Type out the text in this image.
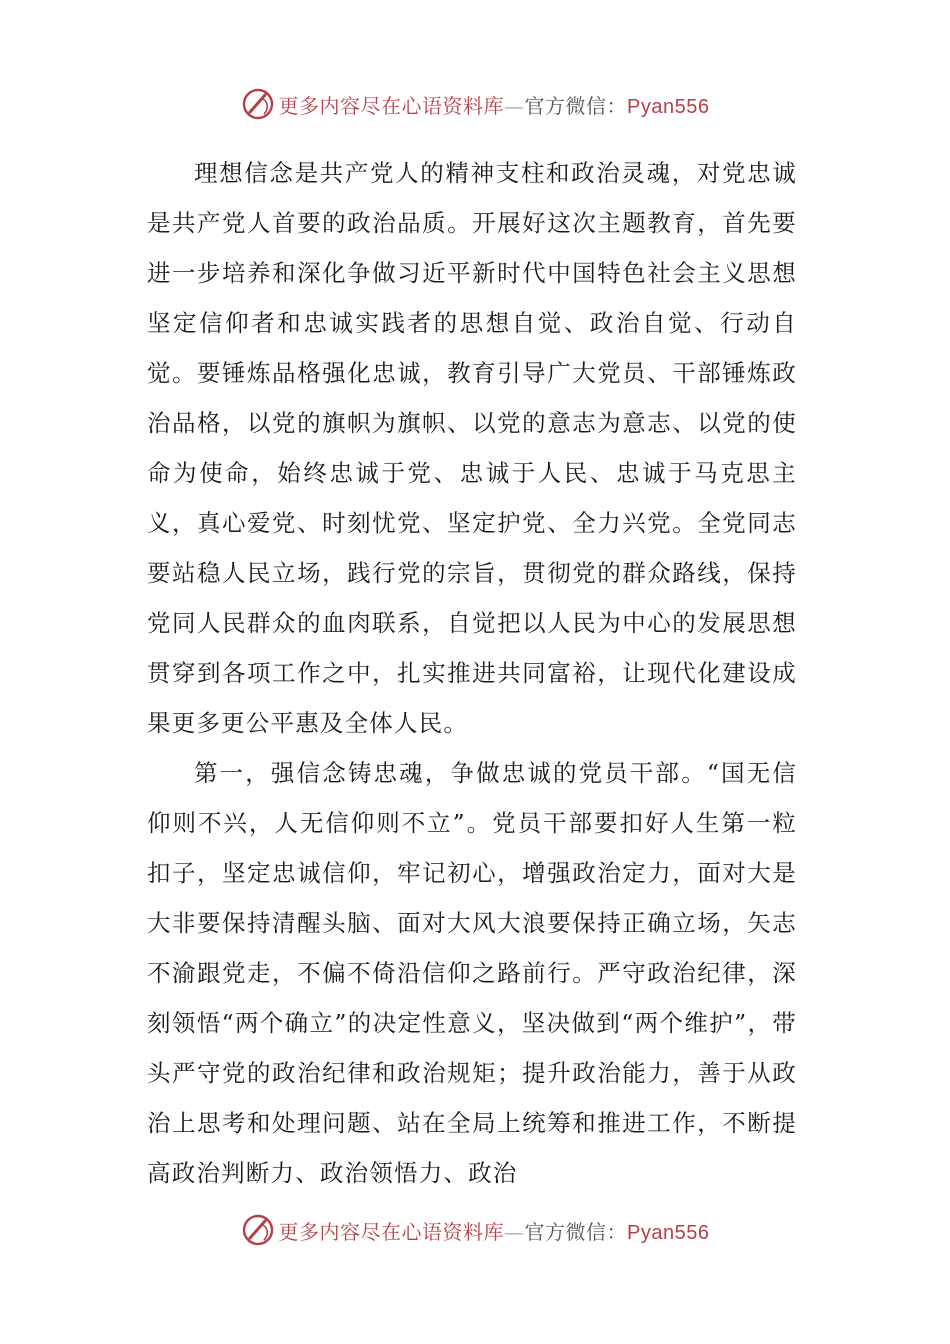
更多内容尽在心语资料库—官方微信：Pyan556

理想信念是共产党人的精神支柱和政治灵魂，对党忠诚是共产党人首要的政治品质。开展好这次主题教育，首先要进一步培养和深化争做习近平新时代中国特色社会主义思想坚定信仰者和忠诚实践者的思想自觉、政治自觉、行动自觉。要锤炼品格强化忠诚，教育引导广大党员、干部锤炼政治品格，以党的旗帜为旗帜、以党的意志为意志、以党的使命为使命，始终忠诚于党、忠诚于人民、忠诚于马克思主义，真心爱党、时刻忧党、坚定护党、全力兴党。全党同志要站稳人民立场，践行党的宗旨，贯彻党的群众路线，保持党同人民群众的血肉联系，自觉把以人民为中心的发展思想贯穿到各项工作之中，扎实推进共同富裕，让现代化建设成果更多更公平惠及全体人民。

第一，强信念铸忠魂，争做忠诚的党员干部。“国无信仰则不兴，人无信仰则不立”。党员干部要扣好人生第一粒扣子，坚定忠诚信仰，牢记初心，增强政治定力，面对大是大非要保持清醒头脑、面对大风大浪要保持正确立场，矢志不渝跟党走，不偏不倚沿信仰之路前行。严守政治纪律，深刻领悟“两个确立”的决定性意义，坚决做到“两个维护”，带头严守党的政治纪律和政治规矩；提升政治能力，善于从政治上思考和处理问题、站在全局上统筹和推进工作，不断提高政治判断力、政治领悟力、政治

更多内容尽在心语资料库—官方微信：Pyan556
